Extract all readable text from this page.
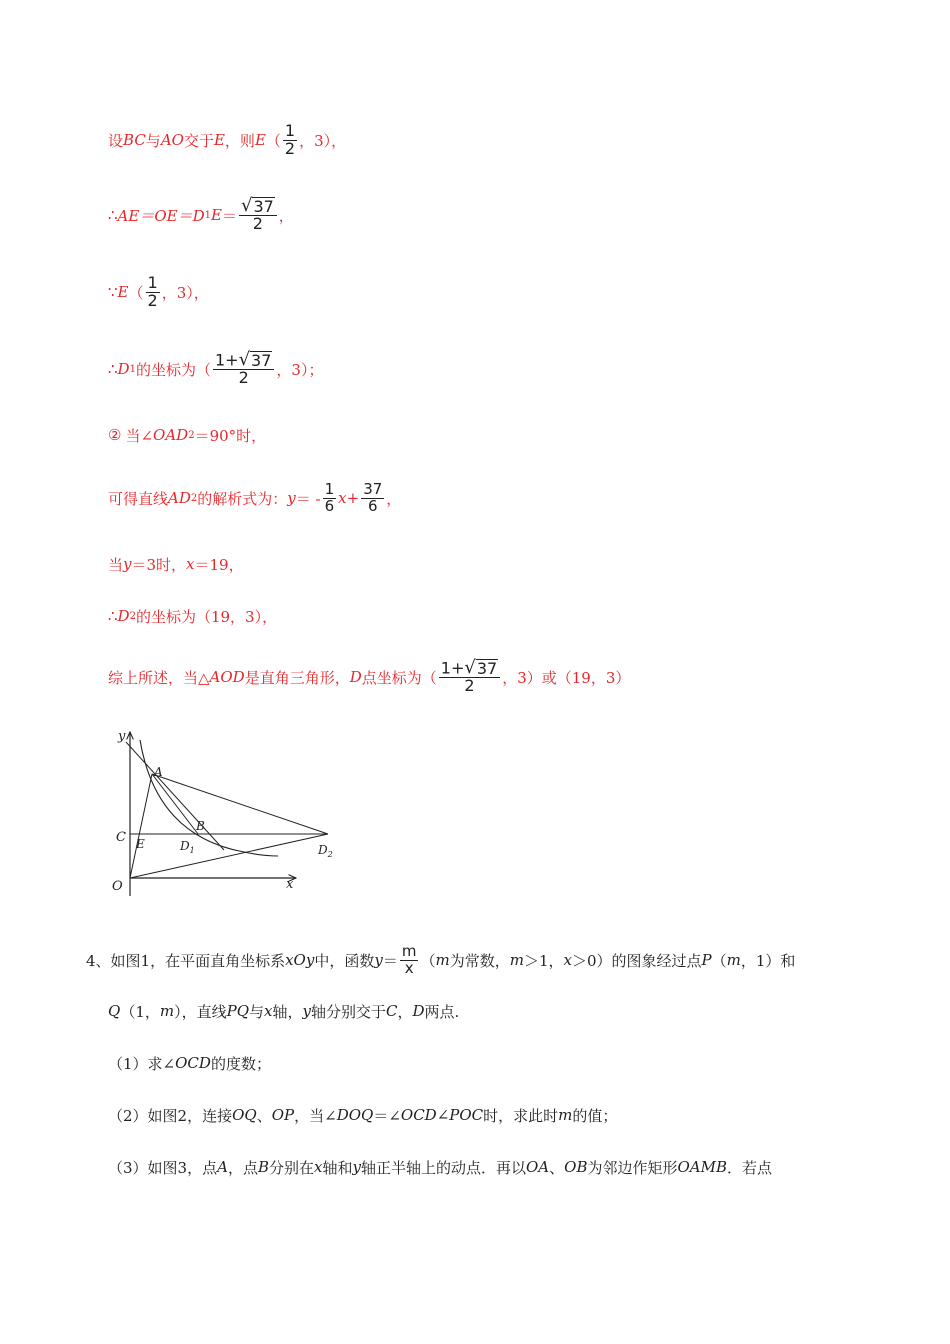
设 BC 与 AO 交于 E ，则 E （ $\frac{1}{2}$ ，3），
∴ AE＝OE＝D 1 $E = \frac{√ 37}{2}$ ，
∵ E （ $\frac{1}{2}$ ，3），
∴ D 1 的坐标为（ $\frac{1+ √ 37}{2}$ ，3）；
② 当∠ OAD 2 ＝90°时，
可得直线 AD 2 的解析式为： y ＝ - $\frac{1}{6}$ $x + \frac{37}{6}$ ，
当 y ＝3时， x ＝19，
∴ D 2 的坐标为（19，3），
综上所述，当△ AOD 是直角三角形， D 点坐标为（ $\frac{1+ √ 37}{2}$ ，3）或（19，3）
y
x
O
C E
A
B
$D_1$	$D_2$
4、如图1，在平面直角坐标系 xOy 中，函数 $y = \frac{m}{x}$ （ m 为常数， m ＞1， x ＞0）的图象经过点 P （ m ，1）和
Q （1， m ），直线 PQ 与 x 轴， y 轴分别交于 C ， D 两点.
（1）求∠ OCD 的度数；
（2）如图2，连接 OQ 、 OP ，当∠ DOQ ＝∠ OCD ∠ POC 时，求此时 m 的值；
（3）如图3，点 A ，点 B 分别在 x 轴和 y 轴正半轴上的动点．再以 OA 、 OB 为邻边作矩形 OAMB ．若点
